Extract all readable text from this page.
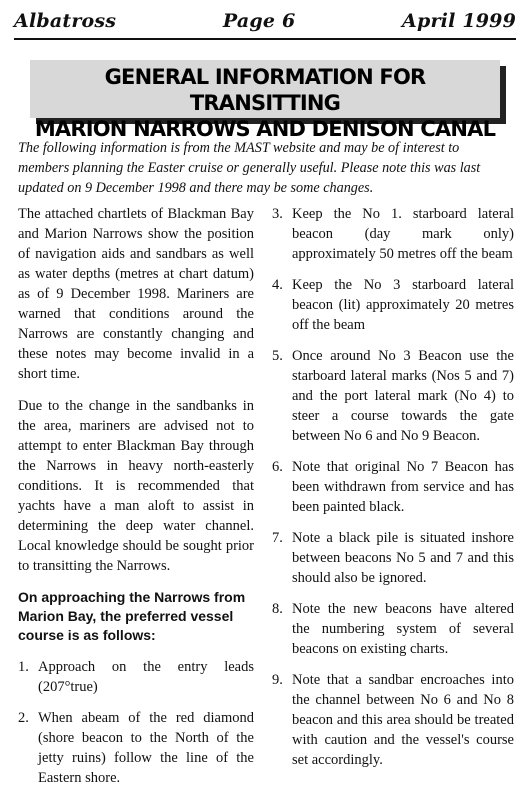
Albatross	Page 6	April 1999
GENERAL INFORMATION FOR TRANSITTING
MARION NARROWS AND DENISON CANAL
The following information is from the MAST website and may be of interest to members planning the Easter cruise or generally useful. Please note this was last updated on 9 December 1998 and there may be some changes.

The attached chartlets of Blackman Bay and Marion Narrows show the position of navigation aids and sandbars as well as water depths (metres at chart datum) as of 9 December 1998. Mariners are warned that conditions around the Narrows are constantly changing and these notes may become invalid in a short time.

Due to the change in the sandbanks in the area, mariners are advised not to attempt to enter Blackman Bay through the Narrows in heavy north-easterly conditions. It is recommended that yachts have a man aloft to assist in determining the deep water channel. Local knowledge should be sought prior to transitting the Narrows.

On approaching the Narrows from Marion Bay, the preferred vessel course is as follows:

1. Approach on the entry leads (207°true)
2. When abeam of the red diamond (shore beacon to the North of the jetty ruins) follow the line of the Eastern shore.
3. Keep the No 1. starboard lateral beacon (day mark only) approximately 50 metres off the beam
4. Keep the No 3 starboard lateral beacon (lit) approximately 20 metres off the beam
5. Once around No 3 Beacon use the starboard lateral marks (Nos 5 and 7) and the port lateral mark (No 4) to steer a course towards the gate between No 6 and No 9 Beacon.
6. Note that original No 7 Beacon has been withdrawn from service and has been painted black.
7. Note a black pile is situated inshore between beacons No 5 and 7 and this should also be ignored.
8. Note the new beacons have altered the numbering system of several beacons on existing charts.
9. Note that a sandbar encroaches into the channel between No 6 and No 8 beacon and this area should be treated with caution and the vessel's course set accordingly.
